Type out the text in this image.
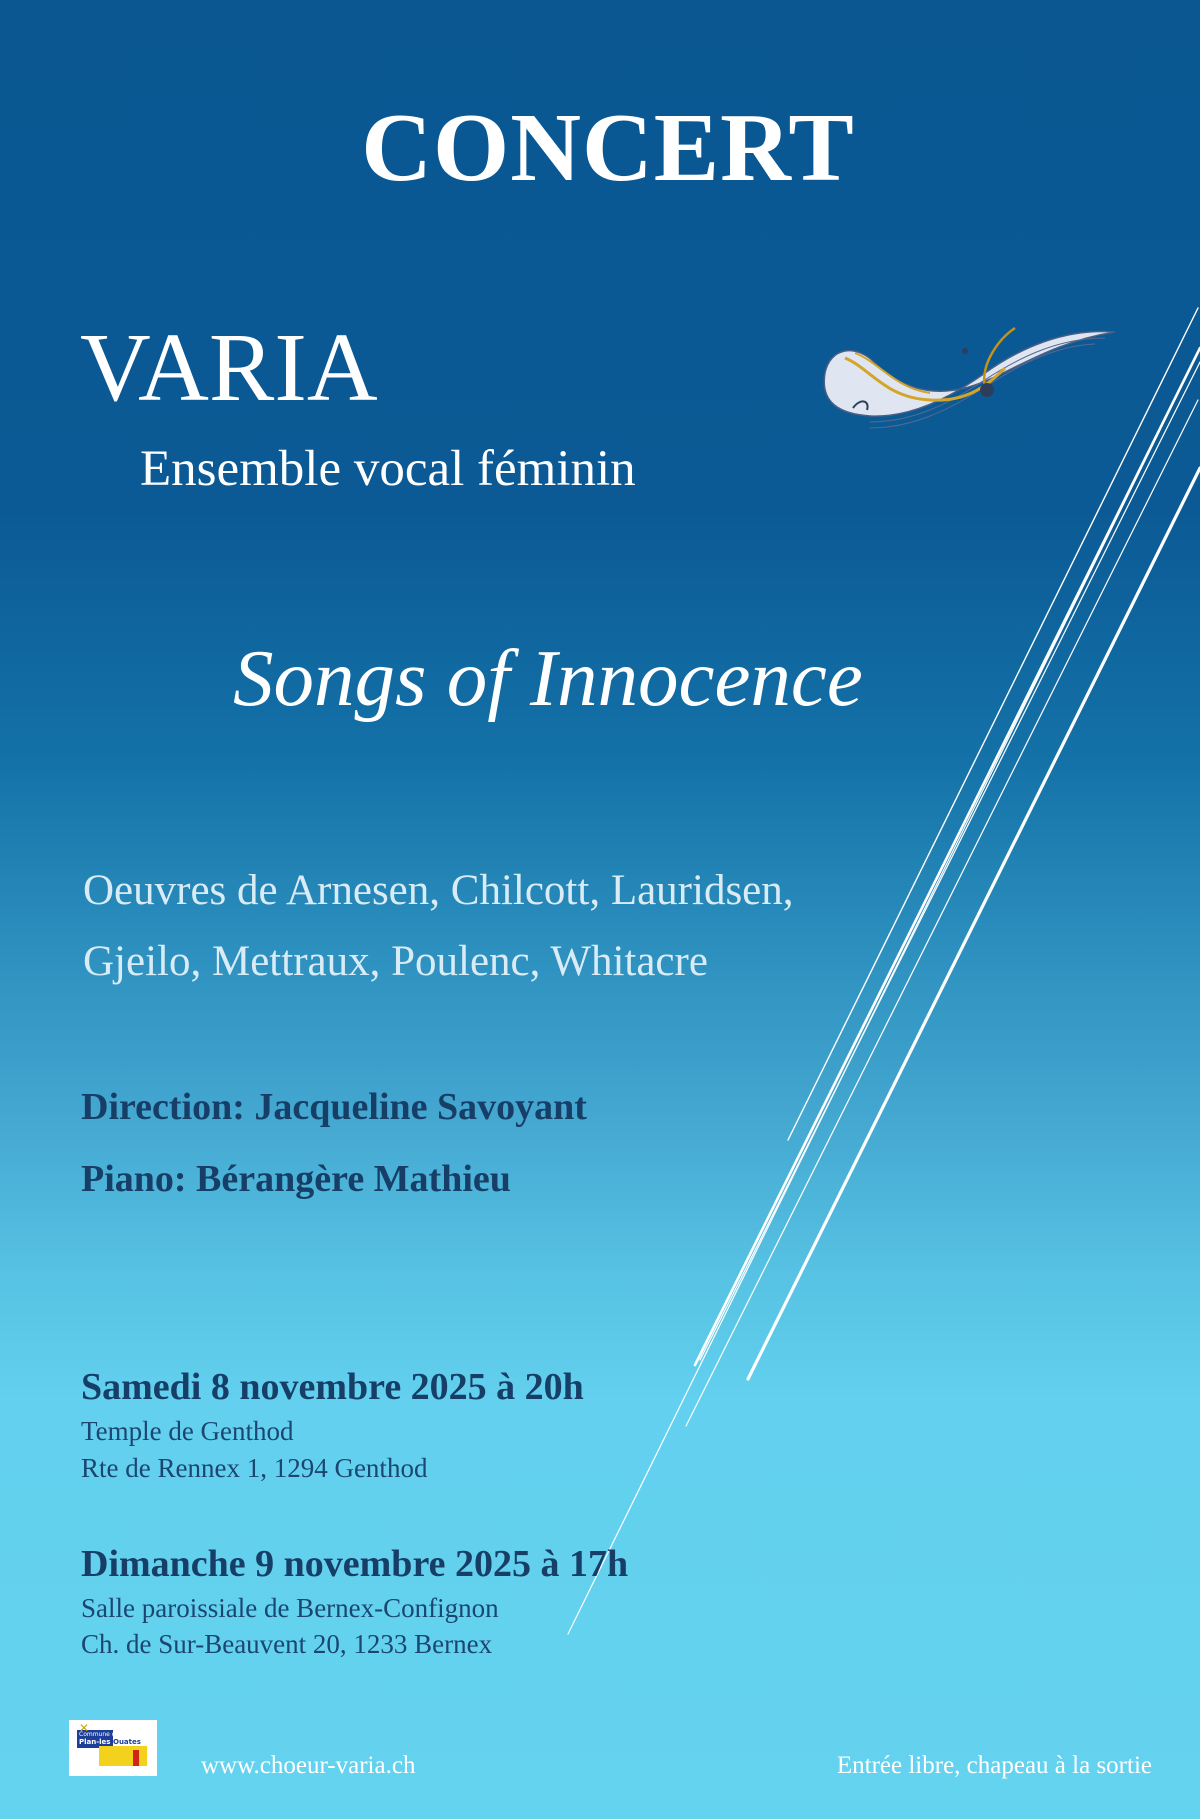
CONCERT
VARIA
Ensemble vocal féminin
Songs of Innocence
Oeuvres de Arnesen, Chilcott, Lauridsen,
Gjeilo, Mettraux, Poulenc, Whitacre
Direction: Jacqueline Savoyant
Piano: Bérangère Mathieu
Samedi 8 novembre 2025 à 20h
Temple de Genthod
Rte de Rennex 1, 1294 Genthod
Dimanche 9 novembre 2025 à 17h
Salle paroissiale de Bernex-Confignon
Ch. de Sur-Beauvent 20, 1233 Bernex
✕
Commune de
Plan-les Ouates
www.choeur-varia.ch	Entrée libre, chapeau à la sortie
